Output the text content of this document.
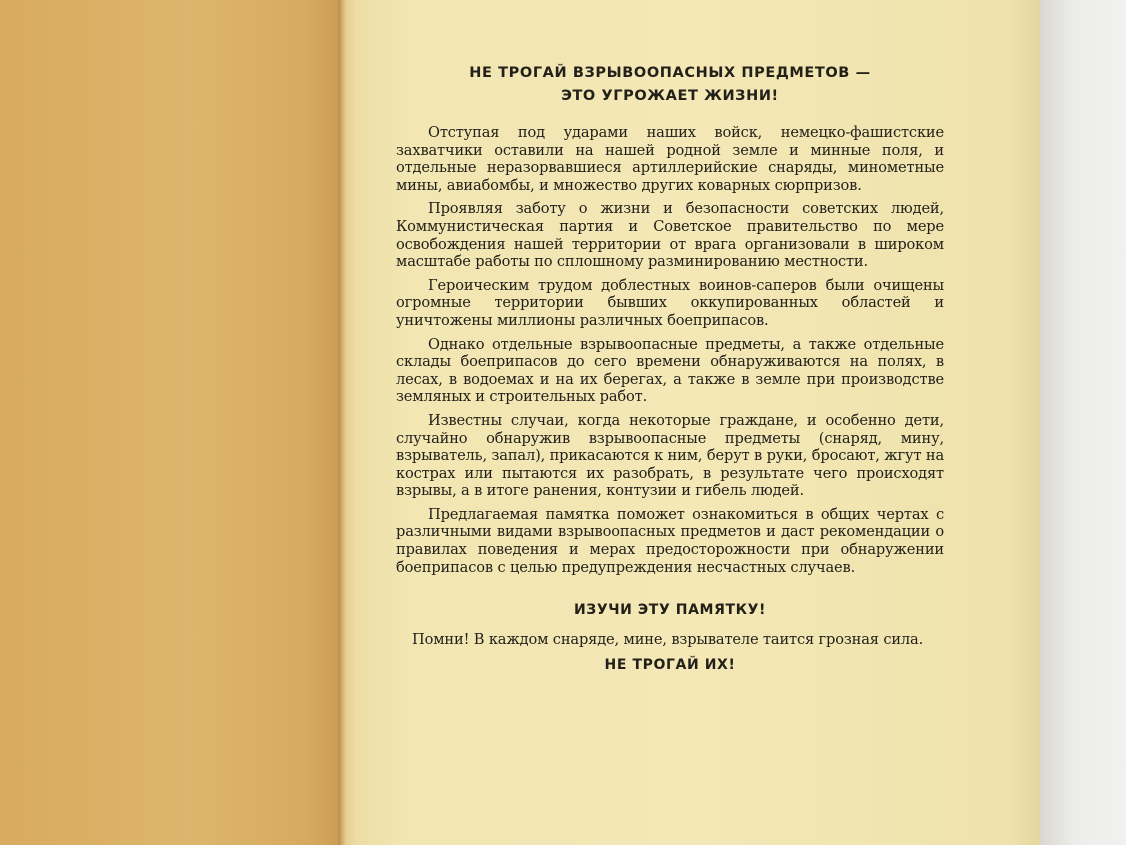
НЕ ТРОГАЙ ВЗРЫВООПАСНЫХ ПРЕДМЕТОВ —

ЭТО УГРОЖАЕТ ЖИЗНИ!

Отступая под ударами наших войск, немецко-фашистские захватчики оставили на нашей родной земле и минные поля, и отдельные неразорвавшиеся артиллерийские снаряды, минометные мины, авиабомбы, и множество других коварных сюрпризов.

Проявляя заботу о жизни и безопасности советских людей, Коммунистическая партия и Советское правительство по мере освобождения нашей территории от врага организовали в широком масштабе работы по сплошному разминированию местности.

Героическим трудом доблестных воинов-саперов были очищены огромные территории бывших оккупированных областей и уничтожены миллионы различных боеприпасов.

Однако отдельные взрывоопасные предметы, а также отдельные склады боеприпасов до сего времени обнаруживаются на полях, в лесах, в водоемах и на их берегах, а также в земле при производстве земляных и строительных работ.

Известны случаи, когда некоторые граждане, и особенно дети, случайно обнаружив взрывоопасные предметы (снаряд, мину, взрыватель, запал), прикасаются к ним, берут в руки, бросают, жгут на кострах или пытаются их разобрать, в результате чего происходят взрывы, а в итоге ранения, контузии и гибель людей.

Предлагаемая памятка поможет ознакомиться в общих чертах с различными видами взрывоопасных предметов и даст рекомендации о правилах поведения и мерах предосторожности при обнаружении боеприпасов с целью предупреждения несчастных случаев.

ИЗУЧИ ЭТУ ПАМЯТКУ!

Помни! В каждом снаряде, мине, взрывателе таится грозная сила.

НЕ ТРОГАЙ ИХ!
